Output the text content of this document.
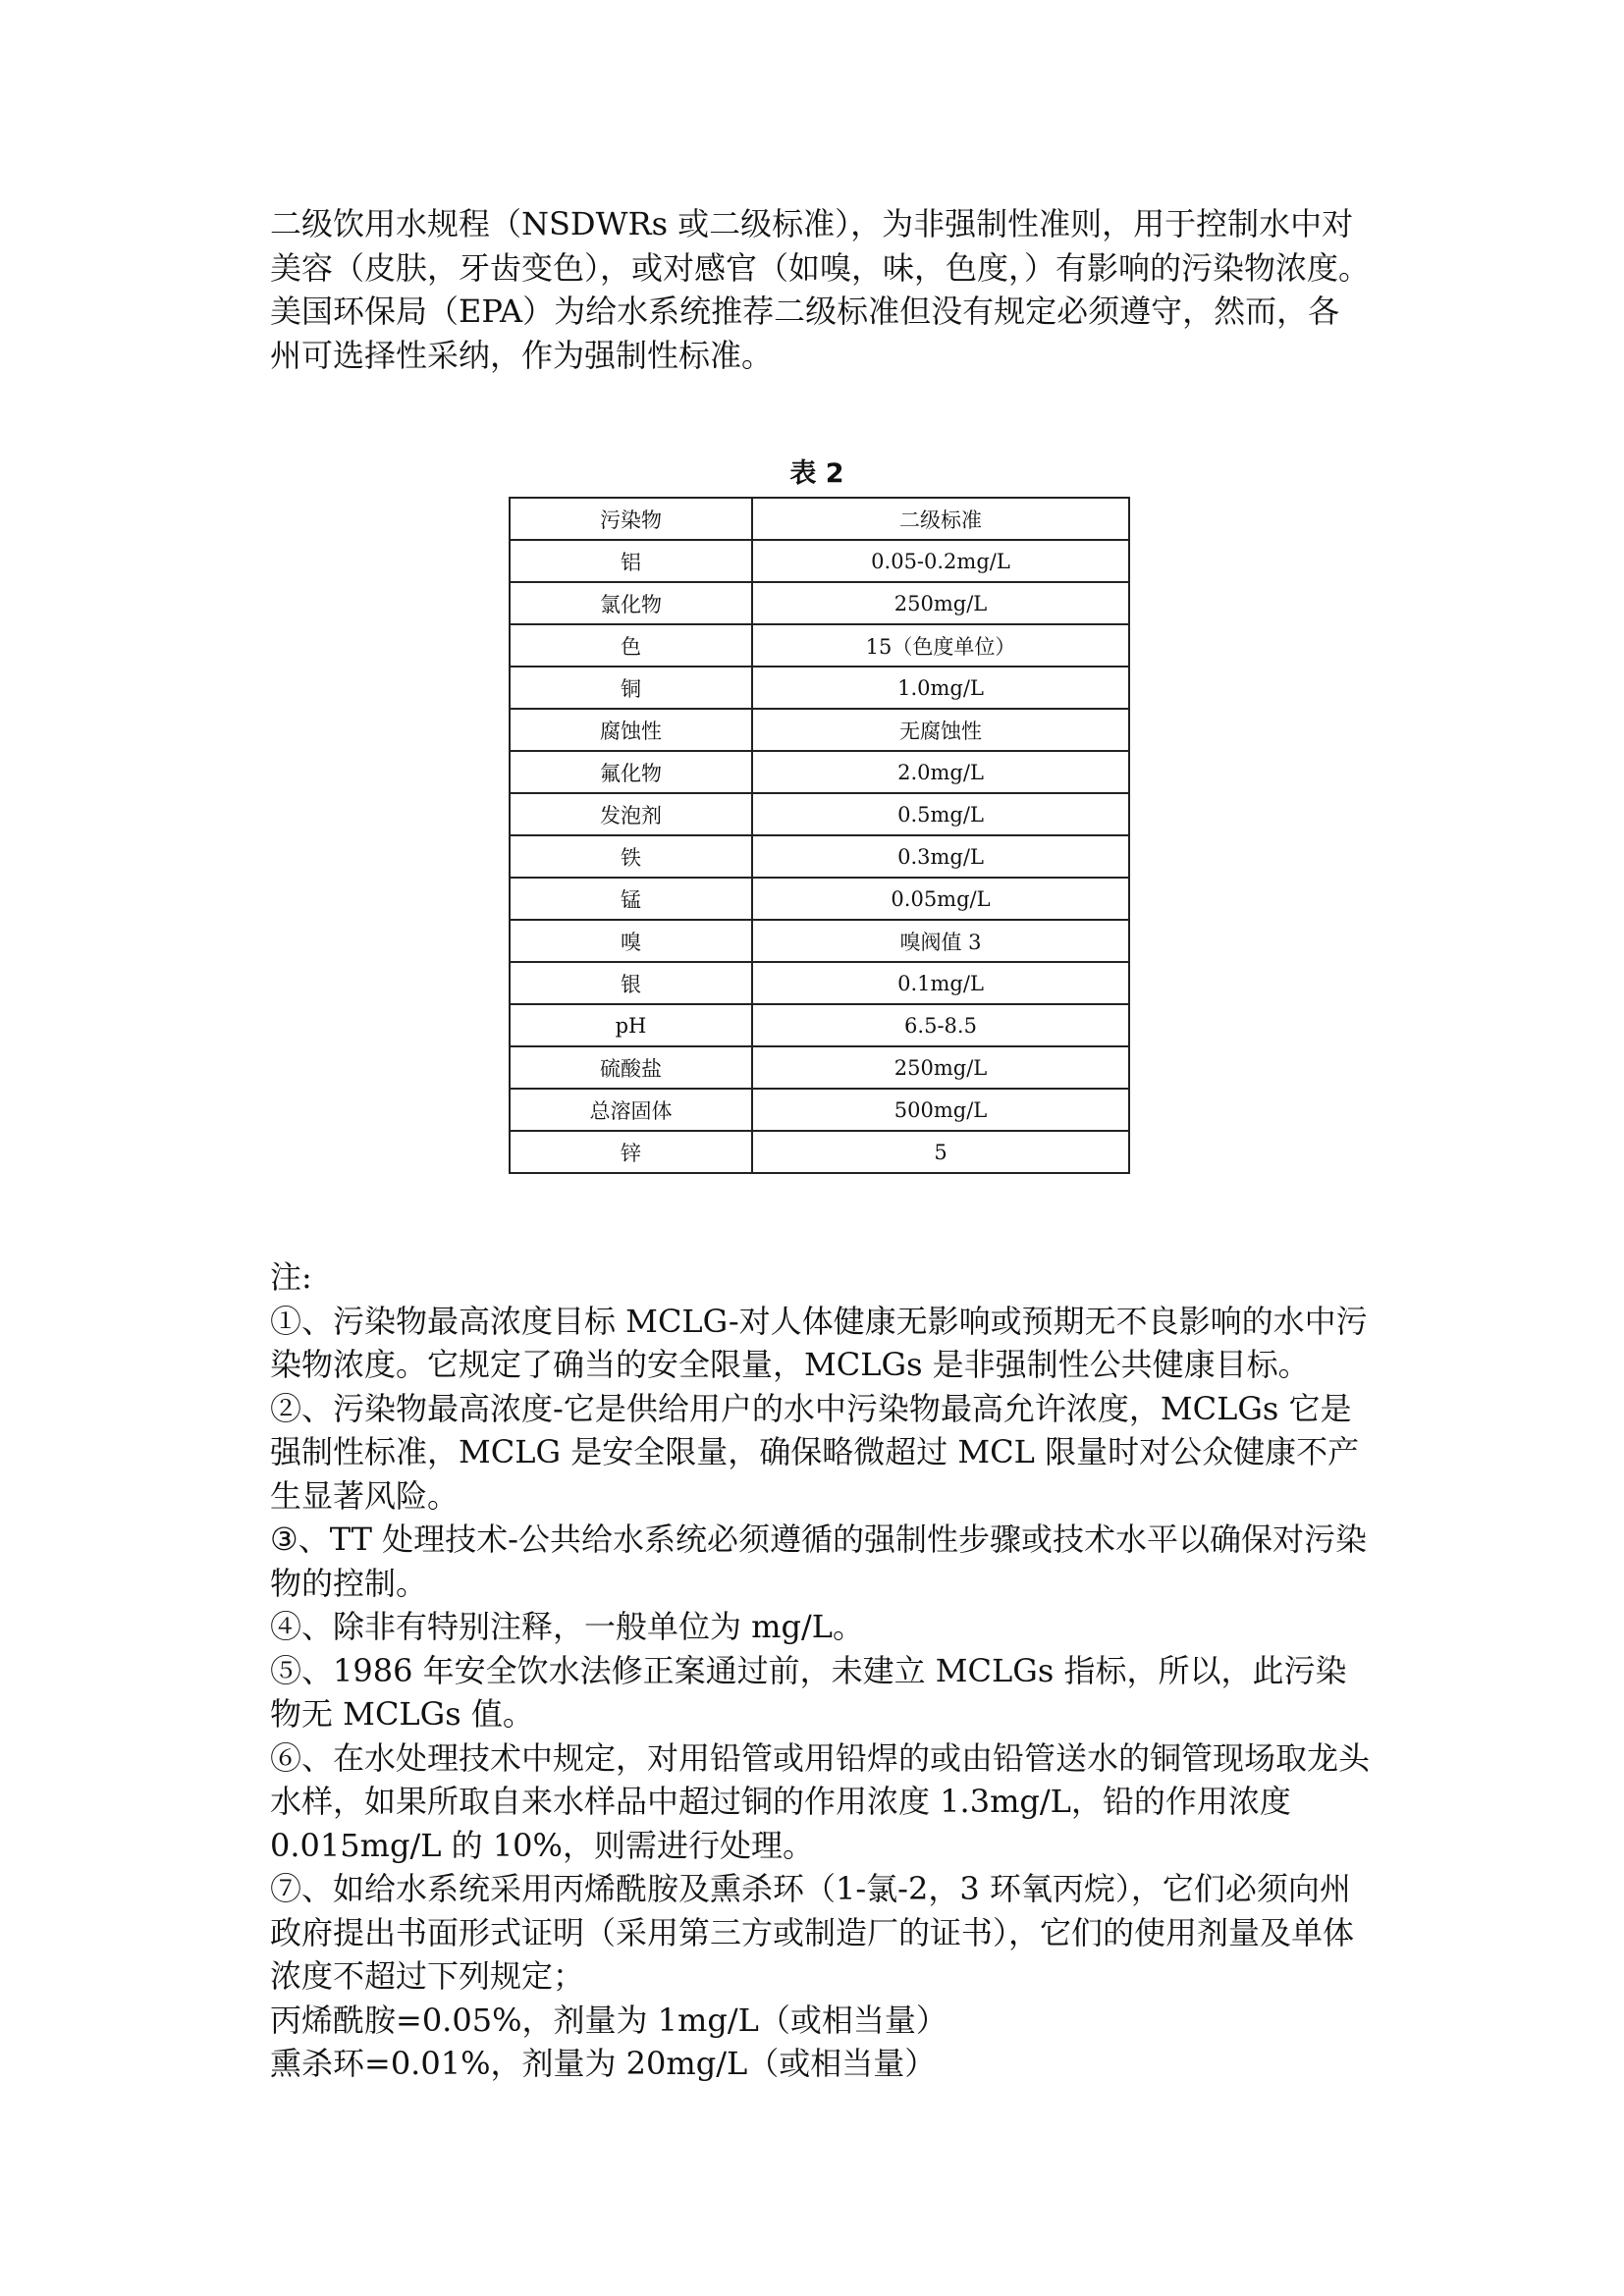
二级饮用水规程（NSDWRs 或二级标准），为非强制性准则，用于控制水中对美容（皮肤，牙齿变色），或对感官（如嗅，味，色度，）有影响的污染物浓度。

美国环保局（EPA）为给水系统推荐二级标准但没有规定必须遵守，然而，各州可选择性采纳，作为强制性标准。

表 2
污染物	二级标准
铝	0.05-0.2mg/L
氯化物	250mg/L
色	15（色度单位）
铜	1.0mg/L
腐蚀性	无腐蚀性
氟化物	2.0mg/L
发泡剂	0.5mg/L
铁	0.3mg/L
锰	0.05mg/L
嗅	嗅阀值 3
银	0.1mg/L
pH	6.5-8.5
硫酸盐	250mg/L
总溶固体	500mg/L
锌	5

注:

①、污染物最高浓度目标 MCLG-对人体健康无影响或预期无不良影响的水中污染物浓度。它规定了确当的安全限量，MCLGs 是非强制性公共健康目标。

②、污染物最高浓度-它是供给用户的水中污染物最高允许浓度，MCLGs 它是强制性标准，MCLG 是安全限量，确保略微超过 MCL 限量时对公众健康不产生显著风险。

③、TT 处理技术-公共给水系统必须遵循的强制性步骤或技术水平以确保对污染物的控制。

④、除非有特别注释，一般单位为 mg/L。

⑤、1986 年安全饮水法修正案通过前，未建立 MCLGs 指标，所以，此污染物无 MCLGs 值。

⑥、在水处理技术中规定，对用铅管或用铅焊的或由铅管送水的铜管现场取龙头水样，如果所取自来水样品中超过铜的作用浓度 1.3mg/L，铅的作用浓度 0.015mg/L 的 10%，则需进行处理。

⑦、如给水系统采用丙烯酰胺及熏杀环（1-氯-2，3 环氧丙烷），它们必须向州政府提出书面形式证明（采用第三方或制造厂的证书），它们的使用剂量及单体浓度不超过下列规定；

丙烯酰胺=0.05%，剂量为 1mg/L（或相当量）

熏杀环=0.01%，剂量为 20mg/L（或相当量）
